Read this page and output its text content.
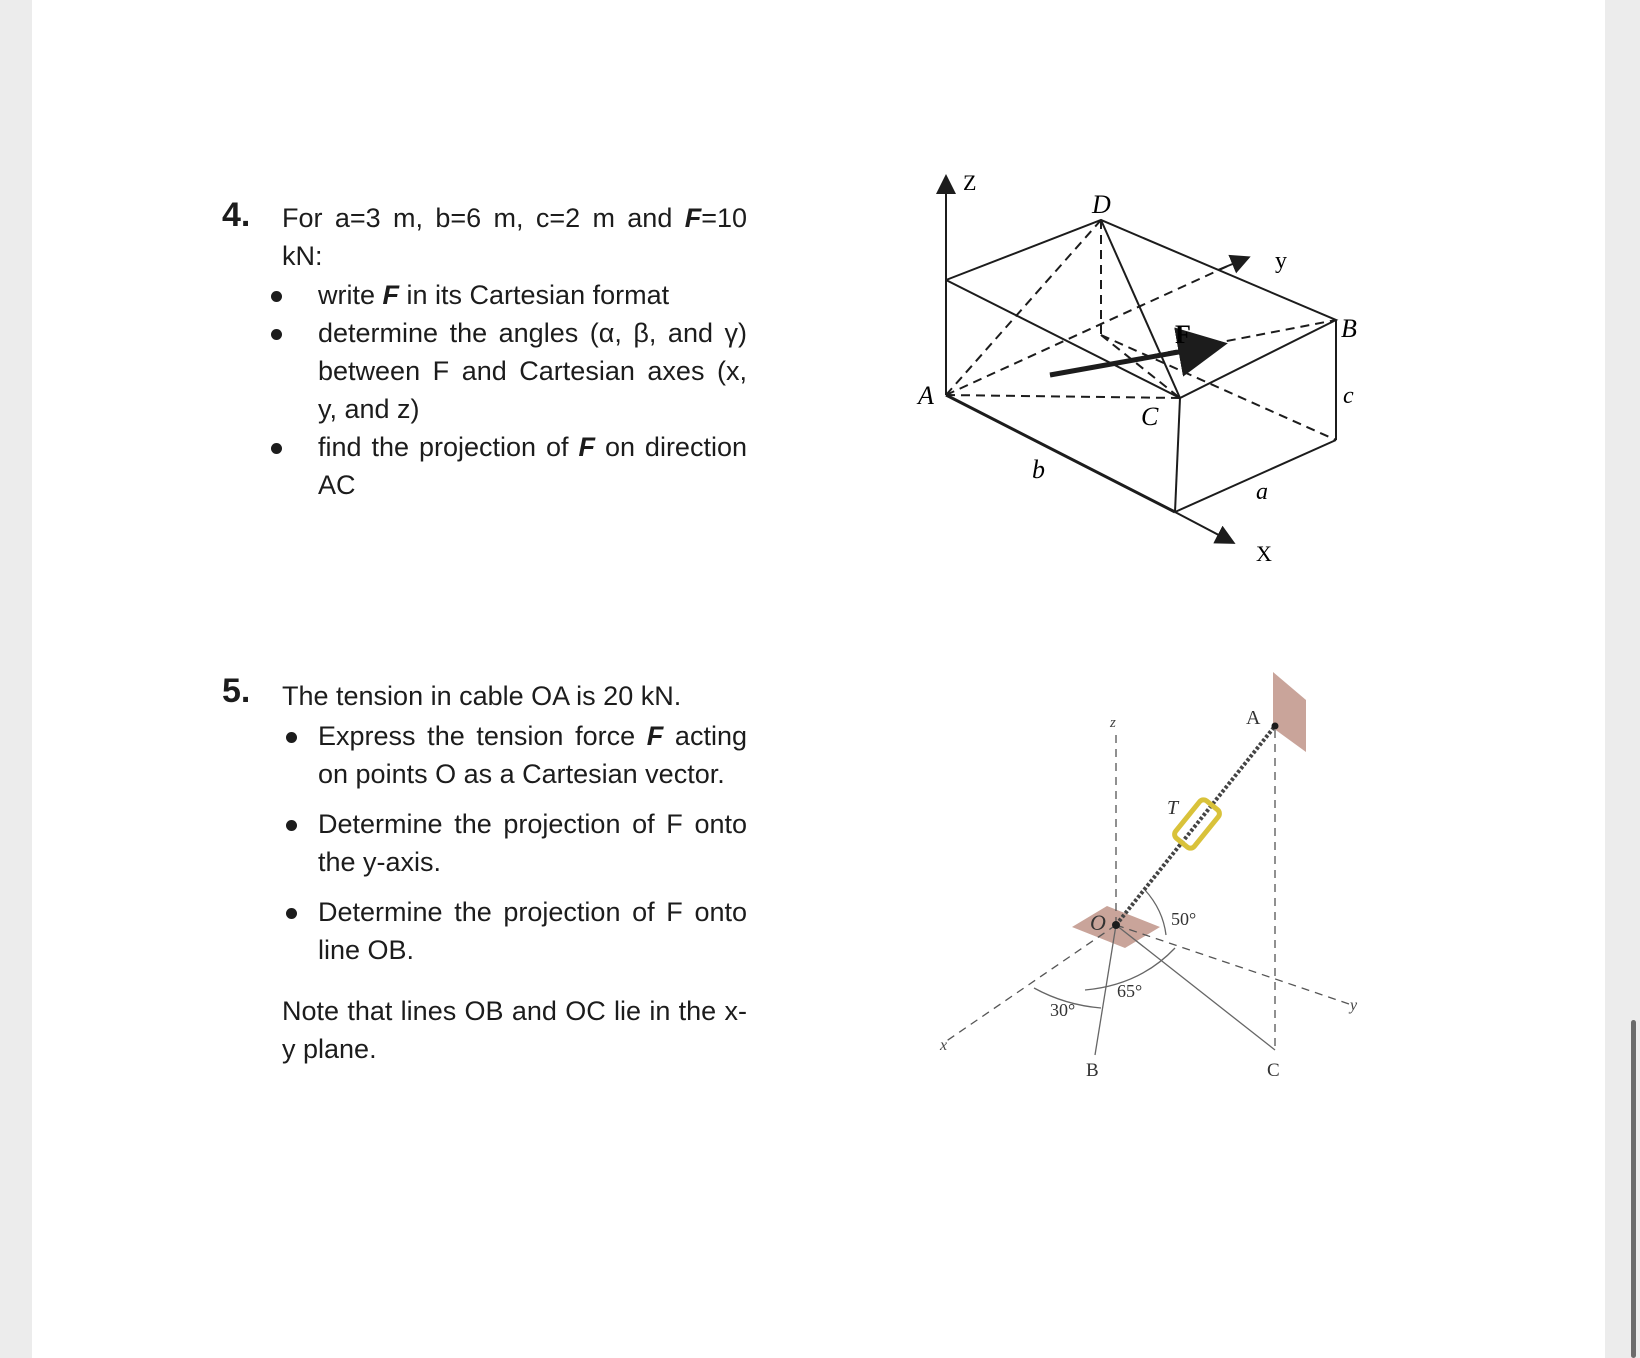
4. For a=3 m, b=6 m, c=2 m and F=10 kN:
write F in its Cartesian format
determine the angles (α, β, and γ) between F and Cartesian axes (x, y, and z)
find the projection of F on direction AC
Z
D
y
B
F
A
C
c
b
a
X
5. The tension in cable OA is 20 kN.
Express the tension force F acting on points O as a Cartesian vector.
Determine the projection of F onto the y-axis.
Determine the projection of F onto line OB.
Note that lines OB and OC lie in the x-y plane.
z	A
T
O	50°
65°
30°	y
x
B	C
